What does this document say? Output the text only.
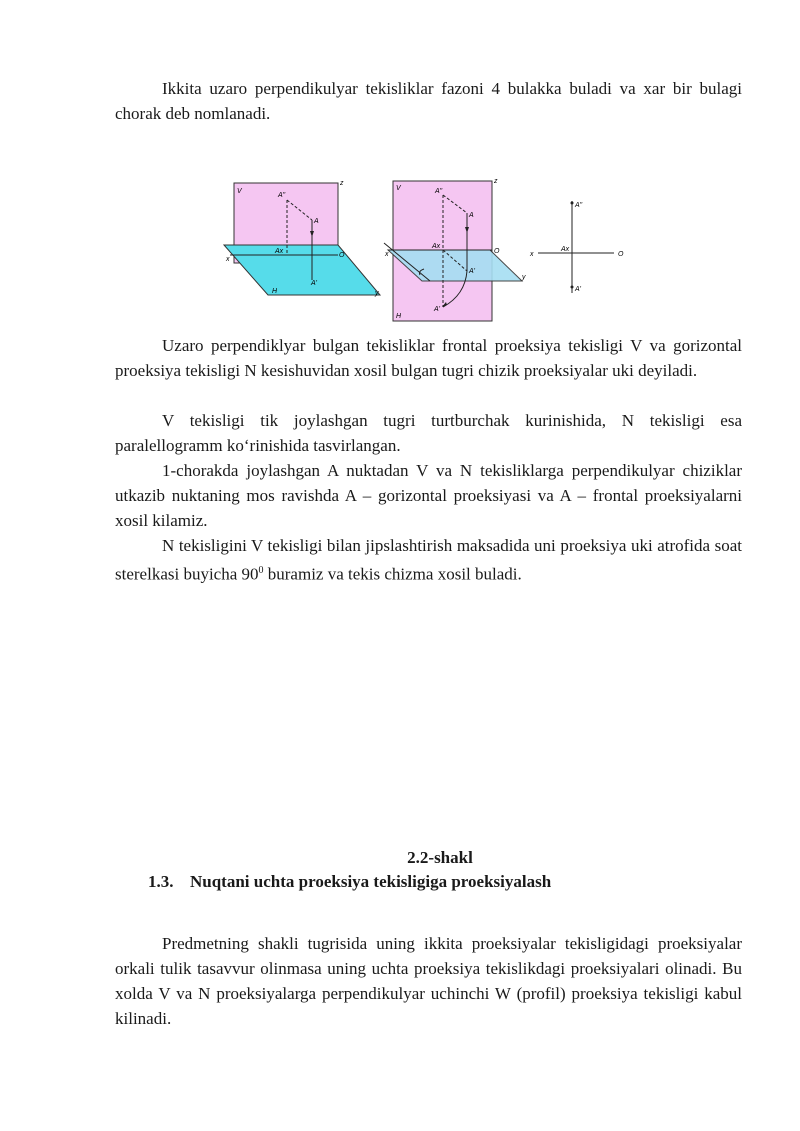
Ikkita uzaro perpendikulyar tekisliklar fazoni 4 bulakka buladi va xar bir bulagi chorak deb nomlanadi.

V
z
A"
A
Ax
O
x
A'
H	y
V
z
A"
A
Ax
O
x
A'
y
A'
H
A"
x
Ax
O
A'

Uzaro perpendiklyar bulgan tekisliklar frontal proeksiya tekisligi V va gorizontal proeksiya tekisligi N kesishuvidan xosil bulgan tugri chizik proeksiyalar uki deyiladi.

V tekisligi tik joylashgan tugri turtburchak kurinishida, N tekisligi esa paralellogramm ko‘rinishida tasvirlangan.

1-chorakda joylashgan A nuktadan V va N tekisliklarga perpendikulyar chiziklar utkazib nuktaning mos ravishda A – gorizontal proeksiyasi va A – frontal proeksiyalarni xosil kilamiz.

N tekisligini V tekisligi bilan jipslashtirish maksadida uni proeksiya uki atrofida soat sterelkasi buyicha $90^0$ buramiz va tekis chizma xosil buladi.

2.2-shakl
1.3. Nuqtani uchta proeksiya tekisligiga proeksiyalash

Predmetning shakli tugrisida uning ikkita proeksiyalar tekisligidagi proeksiyalar orkali tulik tasavvur olinmasa uning uchta proeksiya tekislikdagi proeksiyalari olinadi. Bu xolda V va N proeksiyalarga perpendikulyar uchinchi W (profil) proeksiya tekisligi kabul kilinadi.
